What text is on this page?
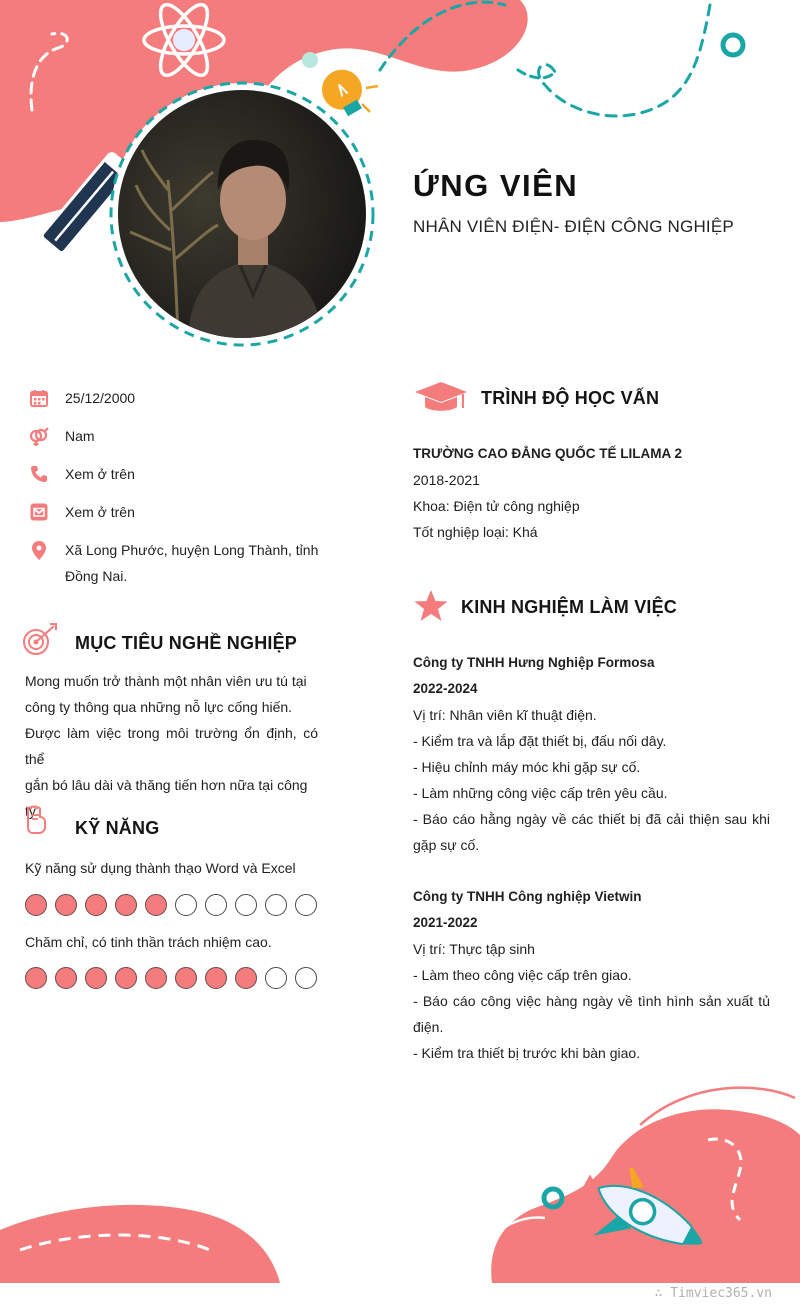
ỨNG VIÊN
NHÂN VIÊN ĐIỆN- ĐIỆN CÔNG NGHIỆP
25/12/2000
Nam
Xem ở trên
Xem ở trên
Xã Long Phước, huyện Long Thành, tỉnh
Đồng Nai.
MỤC TIÊU NGHỀ NGHIỆP
Mong muốn trở thành một nhân viên ưu tú tại
công ty thông qua những nỗ lực cống hiến.
Được làm việc trong môi trường ổn định, có thể
gắn bó lâu dài và thăng tiến hơn nữa tại công
ty.
KỸ NĂNG
Kỹ năng sử dụng thành thạo Word và Excel
Chăm chỉ, có tinh thần trách nhiệm cao.
TRÌNH ĐỘ HỌC VẤN
TRƯỜNG CAO ĐẲNG QUỐC TẾ LILAMA 2
2018-2021
Khoa: Điện tử công nghiệp
Tốt nghiệp loại: Khá
KINH NGHIỆM LÀM VIỆC
Công ty TNHH Hưng Nghiệp Formosa
2022-2024
Vị trí: Nhân viên kĩ thuật điện.
- Kiểm tra và lắp đặt thiết bị, đấu nối dây.
- Hiệu chỉnh máy móc khi gặp sự cố.
- Làm những công việc cấp trên yêu cầu.
- Báo cáo hằng ngày về các thiết bị đã cải thiện sau khi gặp sự cố.
Công ty TNHH Công nghiệp Vietwin
2021-2022
Vị trí: Thực tập sinh
- Làm theo công việc cấp trên giao.
- Báo cáo công việc hàng ngày về tình hình sản xuất tủ điện.
- Kiểm tra thiết bị trước khi bàn giao.
∴ Timviec365.vn
